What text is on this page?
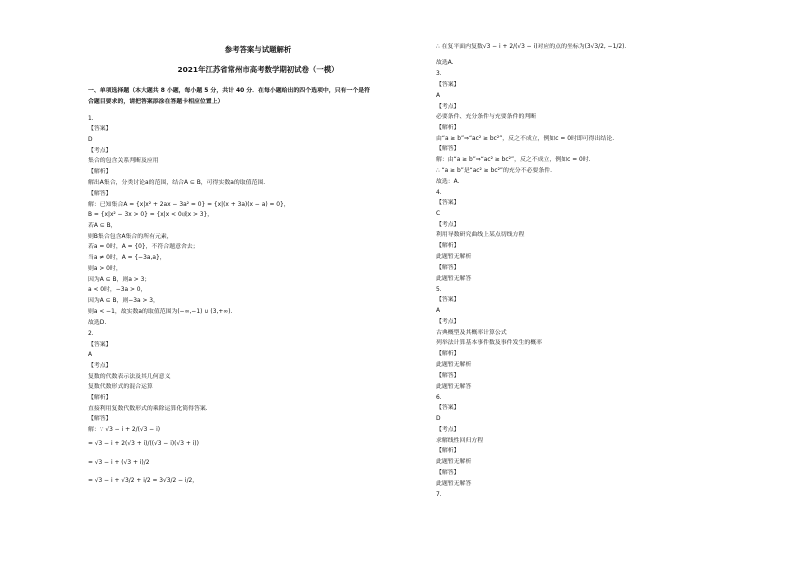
参考答案与试题解析
2021年江苏省常州市高考数学期初试卷（一模）
一、单项选择题（本大题共 8 小题，每小题 5 分，共计 40 分．在每小题给出的四个选项中，只有一个是符
合题目要求的，请把答案添涂在答题卡相应位置上）
1.
【答案】
D
【考点】
集合的包含关系判断及应用
【解析】
解出A集合，分类讨论a的范围，结合A ⊆ B，可得实数a的取值范围.
【解答】
解：已知集合A = {x|x² + 2ax − 3a² = 0} = {x|(x + 3a)(x − a) = 0}，
B = {x|x² − 3x > 0} = {x|x < 0或x > 3}，
若A ⊆ B，
则B集合包含A集合的所有元素，
若a = 0时，A = {0}，不符合题意舍去；
当a ≠ 0时，A = {−3a,a}，
则a > 0时，
因为A ⊆ B，则a > 3；
a < 0时，−3a > 0，
因为A ⊆ B，则−3a > 3，
则a < −1，故实数a的取值范围为(−∞,−1) ∪ (3,+∞).
故选D.
2.
【答案】
A
【考点】
复数的代数表示法及其几何意义
复数代数形式的混合运算
【解析】
直接利用复数代数形式的乘除运算化简得答案.
【解答】
解：∵ √3 − i + 2/(√3 − i)
= √3 − i + 2(√3 + i)/((√3 − i)(√3 + i))
= √3 − i + (√3 + i)/2
= √3 − i + √3/2 + i/2 = 3√3/2 − i/2，
∴ 在复平面内复数√3 − i + 2/(√3 − i)对应的点的坐标为(3√3/2, −1/2)．
故选A.
3.
【答案】
A
【考点】
必要条件、充分条件与充要条件的判断
【解析】
由“a ≥ b”⇒“ac² ≥ bc²”，反之不成立，例如c = 0时即可得出结论.
【解答】
解：由“a ≥ b”⇒“ac² ≥ bc²”，反之不成立，例如c = 0时．
∴ “a ≥ b”是“ac² ≥ bc²”的充分不必要条件.
故选：A.
4.
【答案】
C
【考点】
利用导数研究曲线上某点切线方程
【解析】
此题暂无解析
【解答】
此题暂无解答
5.
【答案】
A
【考点】
古典概型及其概率计算公式
列举法计算基本事件数及事件发生的概率
【解析】
此题暂无解析
【解答】
此题暂无解答
6.
【答案】
D
【考点】
求解线性回归方程
【解析】
此题暂无解析
【解答】
此题暂无解答
7.
